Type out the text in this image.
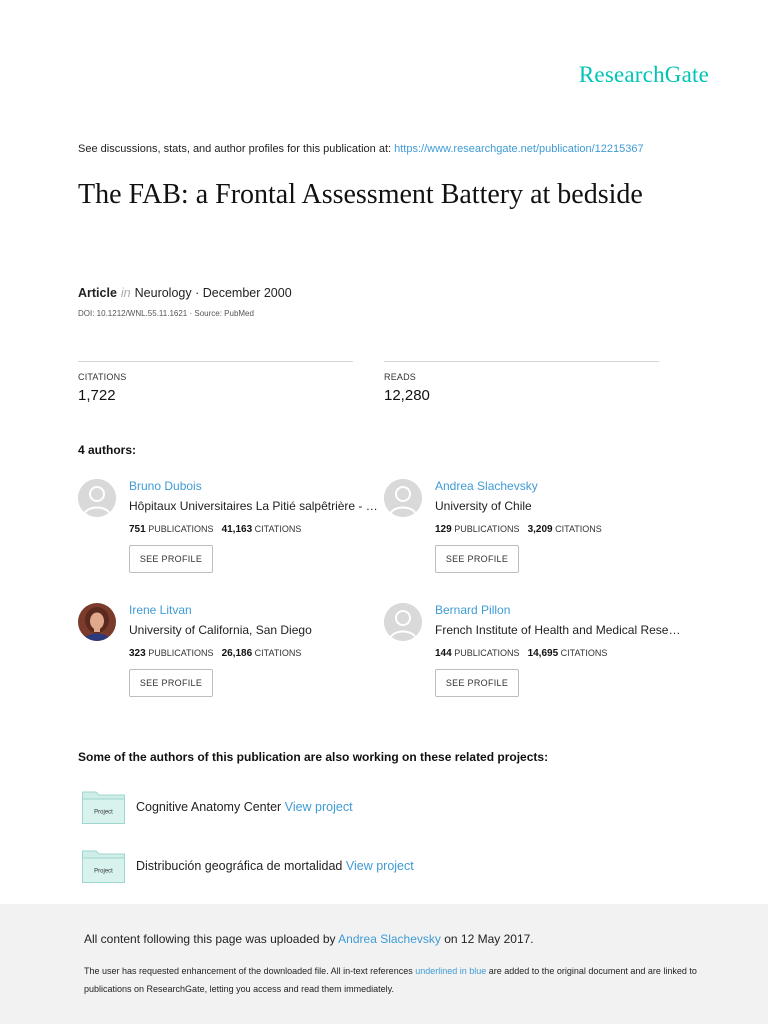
ResearchGate
See discussions, stats, and author profiles for this publication at: https://www.researchgate.net/publication/12215367
The FAB: a Frontal Assessment Battery at bedside
Article in Neurology · December 2000
DOI: 10.1212/WNL.55.11.1621 · Source: PubMed
CITATIONS
1,722
READS
12,280
4 authors:
Bruno Dubois
Hôpitaux Universitaires La Pitié salpêtrière - …
751 PUBLICATIONS 41,163 CITATIONS
SEE PROFILE
Andrea Slachevsky
University of Chile
129 PUBLICATIONS 3,209 CITATIONS
SEE PROFILE
Irene Litvan
University of California, San Diego
323 PUBLICATIONS 26,186 CITATIONS
SEE PROFILE
Bernard Pillon
French Institute of Health and Medical Resea…
144 PUBLICATIONS 14,695 CITATIONS
SEE PROFILE
Some of the authors of this publication are also working on these related projects:
Project Cognitive Anatomy Center View project
Project Distribución geográfica de mortalidad View project
All content following this page was uploaded by Andrea Slachevsky on 12 May 2017.
The user has requested enhancement of the downloaded file. All in-text references underlined in blue are added to the original document and are linked to publications on ResearchGate, letting you access and read them immediately.
